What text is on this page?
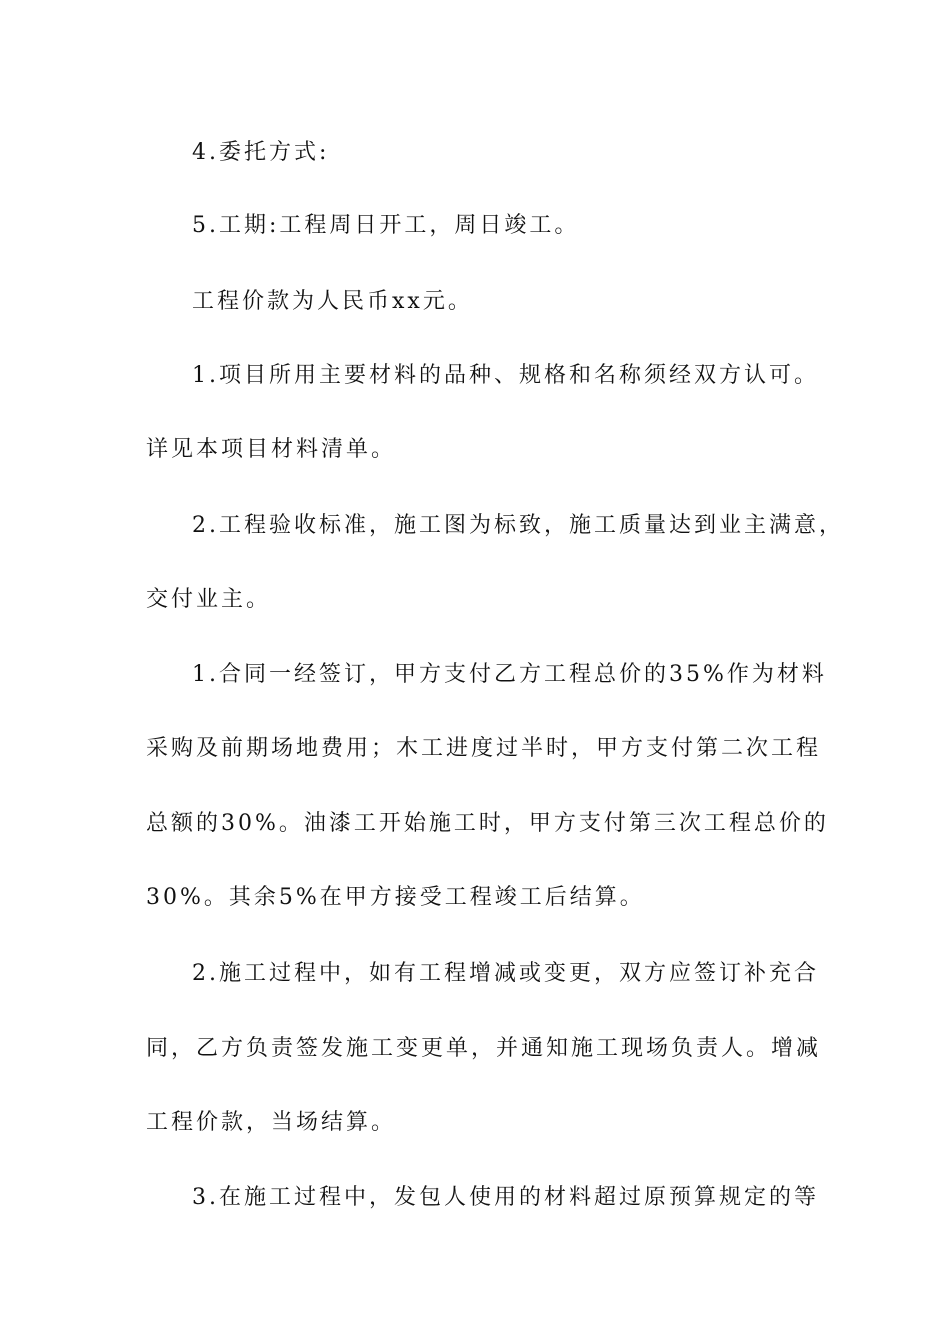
4.委托方式:
5.工期:工程周日开工，周日竣工。
工程价款为人民币xx元。
1.项目所用主要材料的品种、规格和名称须经双方认可。
详见本项目材料清单。
2.工程验收标准，施工图为标致，施工质量达到业主满意，
交付业主。
1.合同一经签订，甲方支付乙方工程总价的35%作为材料
采购及前期场地费用；木工进度过半时，甲方支付第二次工程
总额的30%。油漆工开始施工时，甲方支付第三次工程总价的
30%。其余5%在甲方接受工程竣工后结算。
2.施工过程中，如有工程增减或变更，双方应签订补充合
同，乙方负责签发施工变更单，并通知施工现场负责人。增减
工程价款，当场结算。
3.在施工过程中，发包人使用的材料超过原预算规定的等
